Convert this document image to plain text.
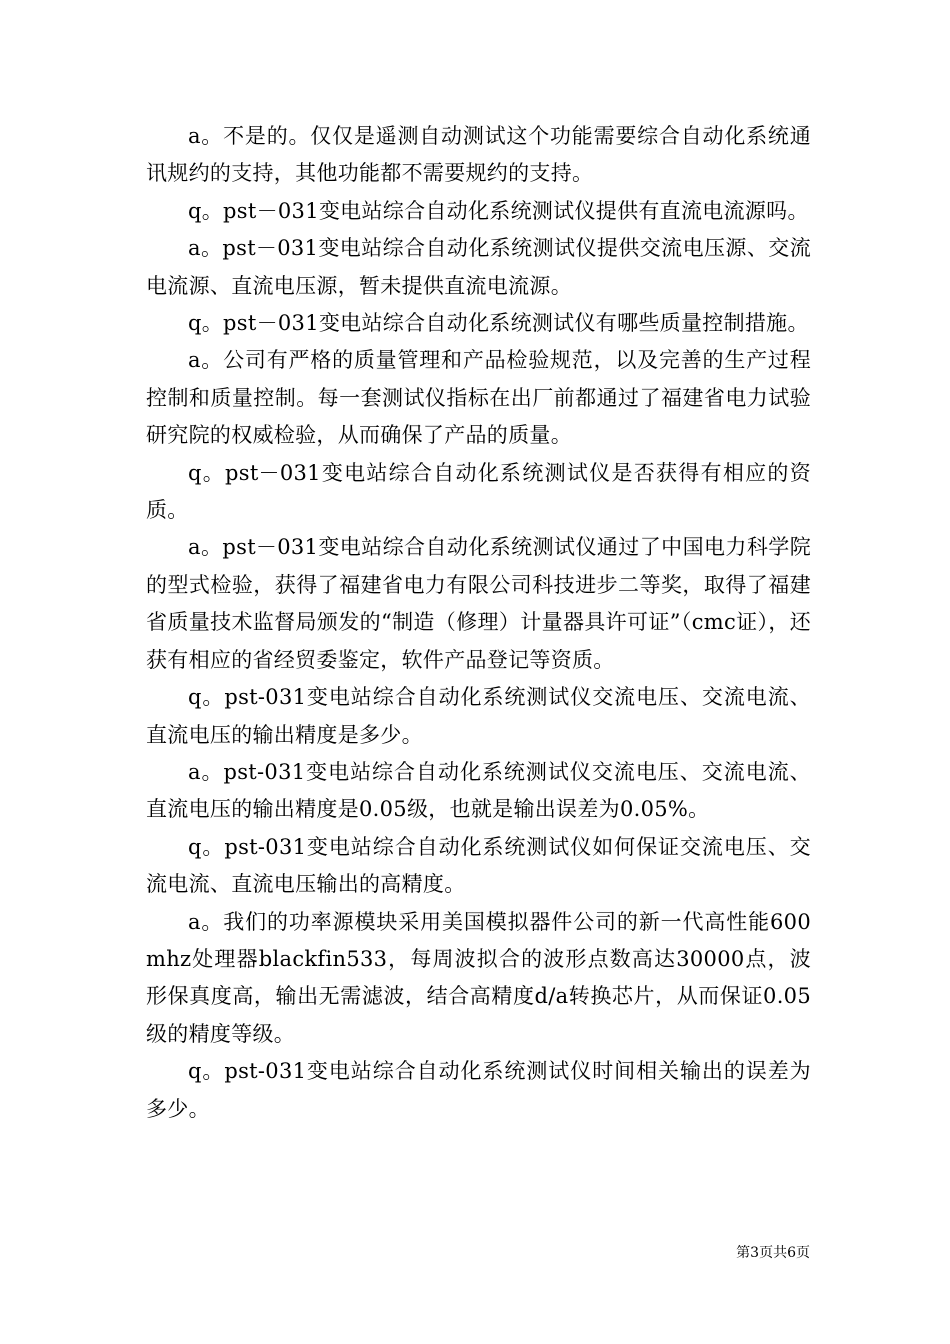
a。不是的。仅仅是遥测自动测试这个功能需要综合自动化系统通讯规约的支持，其他功能都不需要规约的支持。

q。pst－031变电站综合自动化系统测试仪提供有直流电流源吗。

a。pst－031变电站综合自动化系统测试仪提供交流电压源、交流电流源、直流电压源，暂未提供直流电流源。

q。pst－031变电站综合自动化系统测试仪有哪些质量控制措施。

a。公司有严格的质量管理和产品检验规范，以及完善的生产过程控制和质量控制。每一套测试仪指标在出厂前都通过了福建省电力试验研究院的权威检验，从而确保了产品的质量。

q。pst－031变电站综合自动化系统测试仪是否获得有相应的资质。

a。pst－031变电站综合自动化系统测试仪通过了中国电力科学院的型式检验，获得了福建省电力有限公司科技进步二等奖，取得了福建省质量技术监督局颁发的“制造（修理）计量器具许可证”（cmc证），还获有相应的省经贸委鉴定，软件产品登记等资质。

q。pst-031变电站综合自动化系统测试仪交流电压、交流电流、直流电压的输出精度是多少。

a。pst-031变电站综合自动化系统测试仪交流电压、交流电流、直流电压的输出精度是0.05级，也就是输出误差为0.05%。

q。pst-031变电站综合自动化系统测试仪如何保证交流电压、交流电流、直流电压输出的高精度。

a。我们的功率源模块采用美国模拟器件公司的新一代高性能600mhz处理器blackfin533，每周波拟合的波形点数高达30000点，波形保真度高，输出无需滤波，结合高精度d/a转换芯片，从而保证0.05级的精度等级。

q。pst-031变电站综合自动化系统测试仪时间相关输出的误差为多少。

第3页共6页
